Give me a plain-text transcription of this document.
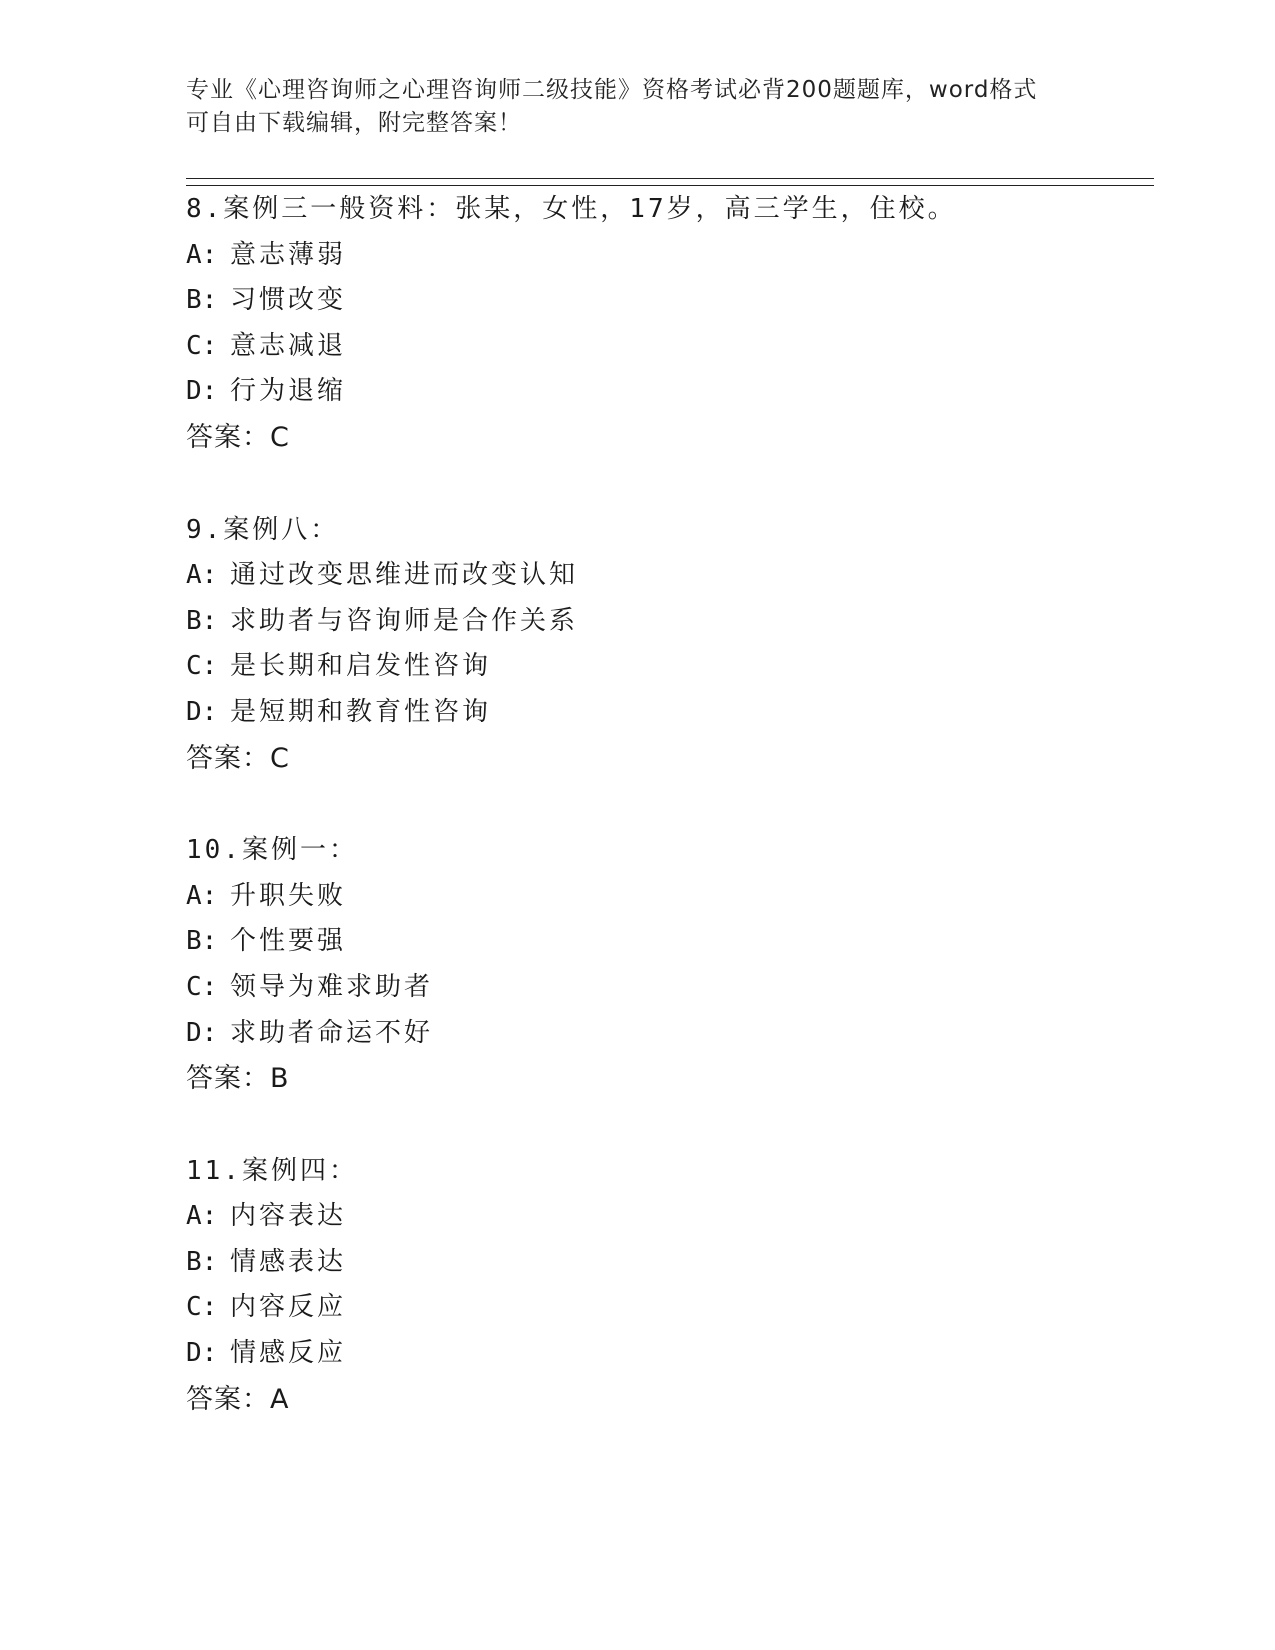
专业《心理咨询师之心理咨询师二级技能》资格考试必背200题题库，word格式
可自由下载编辑，附完整答案！
8.案例三一般资料：张某，女性，17岁，高三学生，住校。
A: 意志薄弱
B: 习惯改变
C: 意志减退
D: 行为退缩
答案：C
9.案例八：
A: 通过改变思维进而改变认知
B: 求助者与咨询师是合作关系
C: 是长期和启发性咨询
D: 是短期和教育性咨询
答案：C
10.案例一：
A: 升职失败
B: 个性要强
C: 领导为难求助者
D: 求助者命运不好
答案：B
11.案例四：
A: 内容表达
B: 情感表达
C: 内容反应
D: 情感反应
答案：A
